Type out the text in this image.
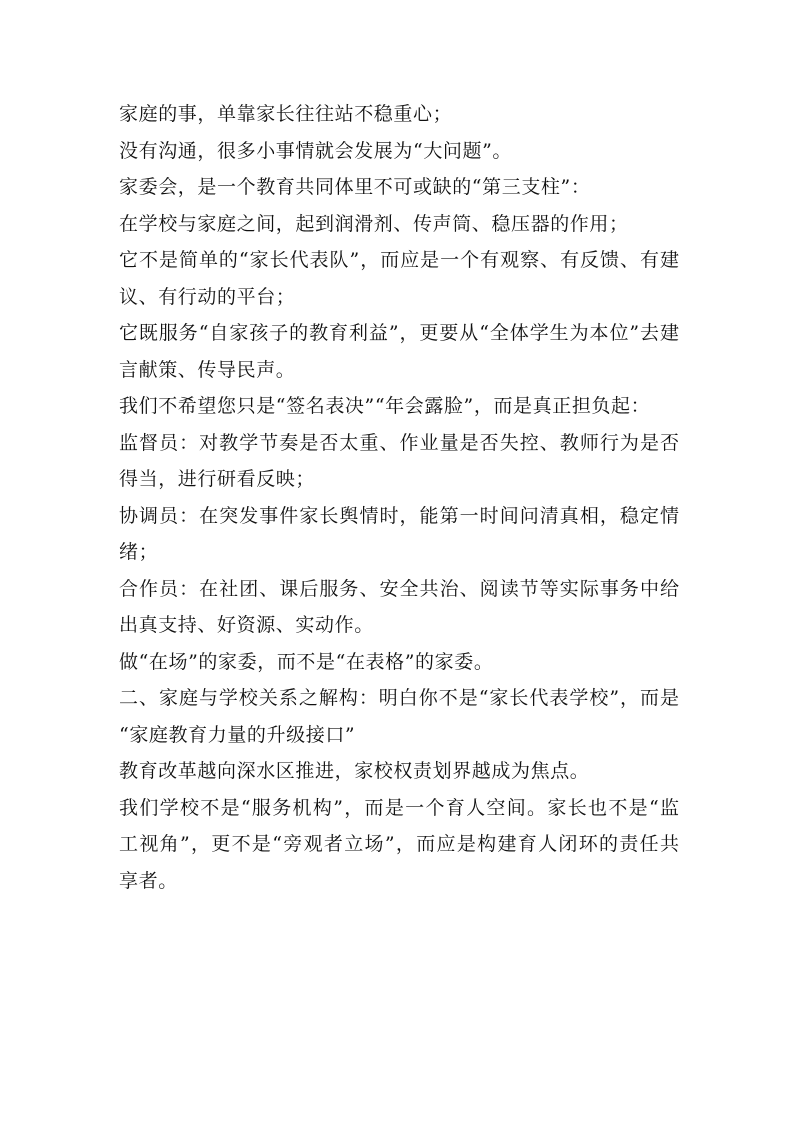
家庭的事，单靠家长往往站不稳重心；
没有沟通，很多小事情就会发展为“大问题”。
家委会，是一个教育共同体里不可或缺的“第三支柱”：
在学校与家庭之间，起到润滑剂、传声筒、稳压器的作用；
它不是简单的“家长代表队”，而应是一个有观察、有反馈、有建
议、有行动的平台；
它既服务“自家孩子的教育利益”，更要从“全体学生为本位”去建
言献策、传导民声。
我们不希望您只是“签名表决”“年会露脸”，而是真正担负起：
监督员：对教学节奏是否太重、作业量是否失控、教师行为是否
得当，进行研看反映；
协调员：在突发事件家长舆情时，能第一时间问清真相，稳定情
绪；
合作员：在社团、课后服务、安全共治、阅读节等实际事务中给
出真支持、好资源、实动作。
做“在场”的家委，而不是“在表格”的家委。
二、家庭与学校关系之解构：明白你不是“家长代表学校”，而是
“家庭教育力量的升级接口”
教育改革越向深水区推进，家校权责划界越成为焦点。
我们学校不是“服务机构”，而是一个育人空间。家长也不是“监
工视角”，更不是“旁观者立场”，而应是构建育人闭环的责任共
享者。
